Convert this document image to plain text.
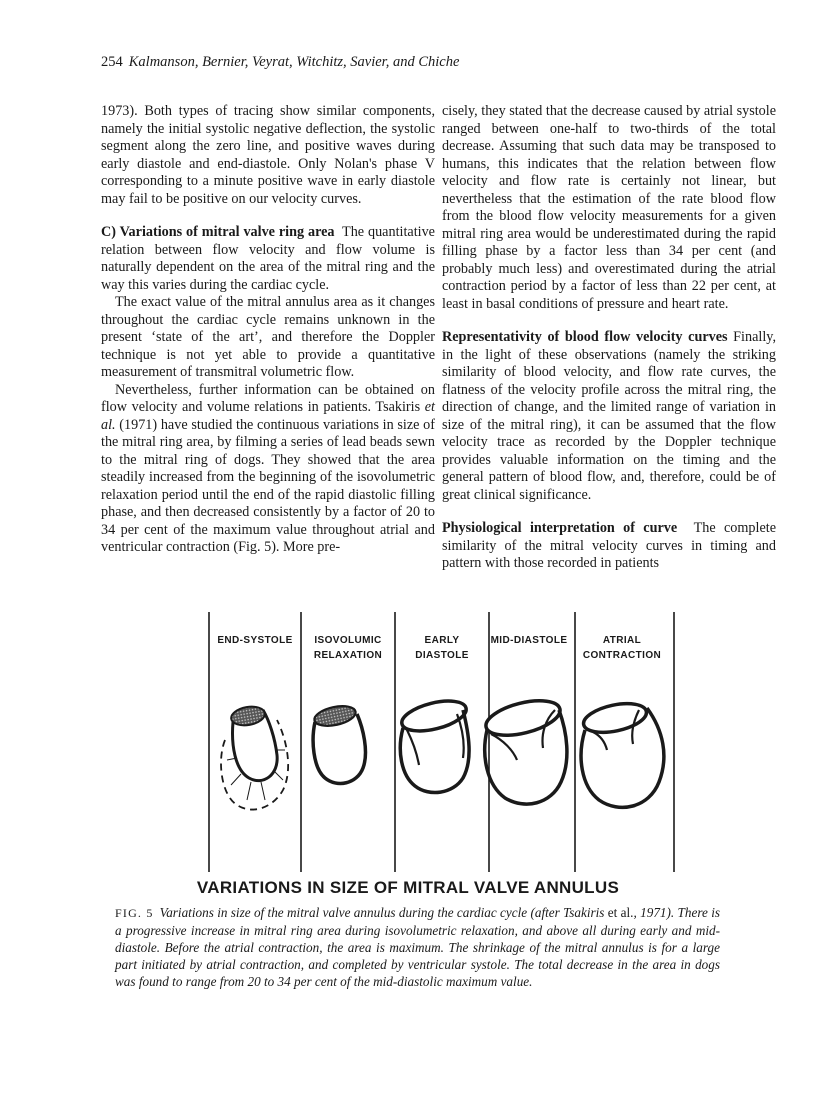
254 Kalmanson, Bernier, Veyrat, Witchitz, Savier, and Chiche

1973). Both types of tracing show similar components, namely the initial systolic negative deflection, the systolic segment along the zero line, and positive waves during early diastole and end-diastole. Only Nolan's phase V corresponding to a minute positive wave in early diastole may fail to be positive on our velocity curves.

C) Variations of mitral valve ring area The quantitative relation between flow velocity and flow volume is naturally dependent on the area of the mitral ring and the way this varies during the cardiac cycle.

The exact value of the mitral annulus area as it changes throughout the cardiac cycle remains unknown in the present ‘state of the art’, and therefore the Doppler technique is not yet able to provide a quantitative measurement of transmitral volumetric flow.

Nevertheless, further information can be obtained on flow velocity and volume relations in patients. Tsakiris et al. (1971) have studied the continuous variations in size of the mitral ring area, by filming a series of lead beads sewn to the mitral ring of dogs. They showed that the area steadily increased from the beginning of the isovolumetric relaxation period until the end of the rapid diastolic filling phase, and then decreased consistently by a factor of 20 to 34 per cent of the maximum value throughout atrial and ventricular contraction (Fig. 5). More pre-

cisely, they stated that the decrease caused by atrial systole ranged between one-half to two-thirds of the total decrease. Assuming that such data may be transposed to humans, this indicates that the relation between flow velocity and flow rate is certainly not linear, but nevertheless that the estimation of the rate blood flow from the blood flow velocity measurements for a given mitral ring area would be underestimated during the rapid filling phase by a factor less than 34 per cent (and probably much less) and overestimated during the atrial contraction period by a factor of less than 22 per cent, at least in basal conditions of pressure and heart rate.

Representativity of blood flow velocity curves Finally, in the light of these observations (namely the striking similarity of blood velocity, and flow rate curves, the flatness of the velocity profile across the mitral ring, the direction of change, and the limited range of variation in size of the mitral ring), it can be assumed that the flow velocity trace as recorded by the Doppler technique provides valuable information on the timing and the general pattern of blood flow, and, therefore, could be of great clinical significance.

Physiological interpretation of curve The complete similarity of the mitral velocity curves in timing and pattern with those recorded in patients

END-SYSTOLE ISOVOLUMIC
RELAXATION
EARLY
DIASTOLE
MID-DIASTOLE	ATRIAL
CONTRACTION
VARIATIONS IN SIZE OF MITRAL VALVE ANNULUS
FIG. 5 Variations in size of the mitral valve annulus during the cardiac cycle (after Tsakiris et al., 1971). There is a progressive increase in mitral ring area during isovolumetric relaxation, and above all during early and mid-diastole. Before the atrial contraction, the area is maximum. The shrinkage of the mitral annulus is for a large part initiated by atrial contraction, and completed by ventricular systole. The total decrease in the area in dogs was found to range from 20 to 34 per cent of the mid-diastolic maximum value.
